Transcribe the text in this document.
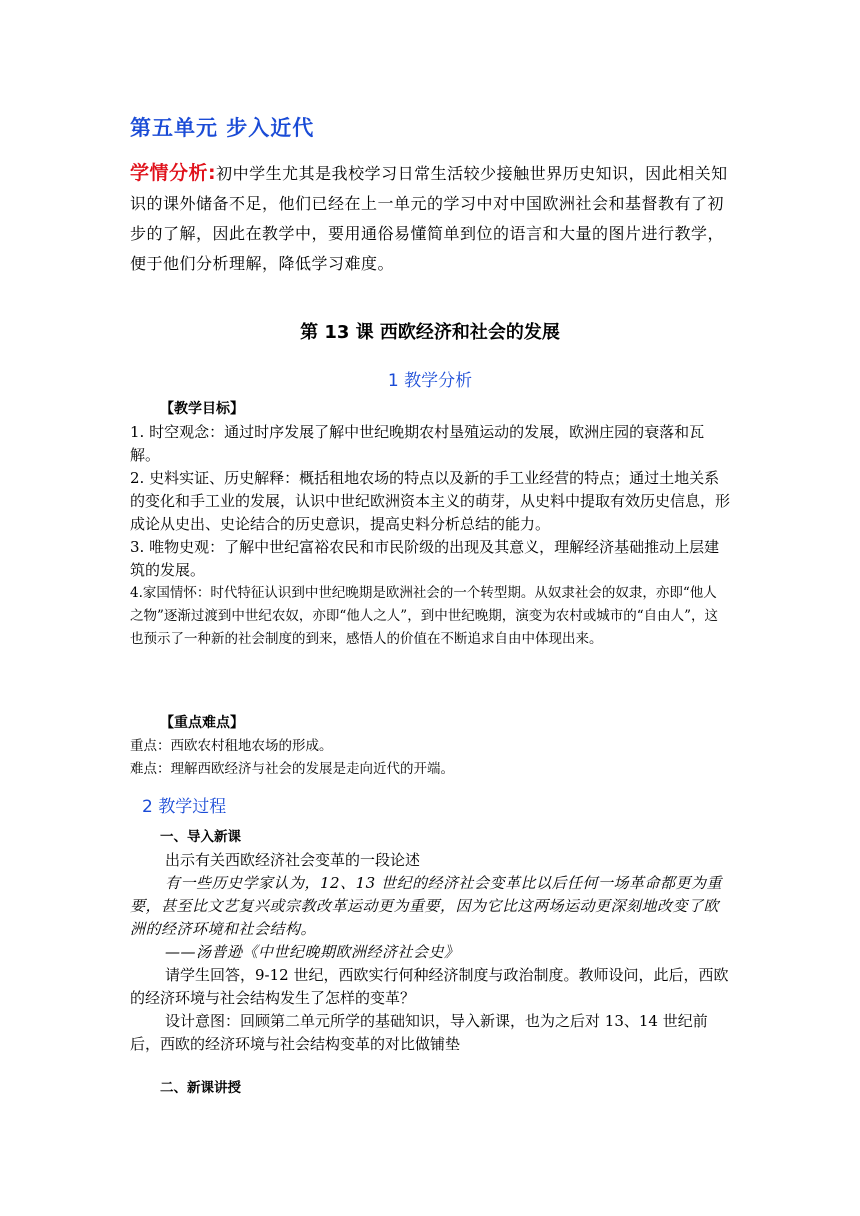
第五单元 步入近代
学情分析:初中学生尤其是我校学习日常生活较少接触世界历史知识，因此相关知识的课外储备不足，他们已经在上一单元的学习中对中国欧洲社会和基督教有了初步的了解，因此在教学中，要用通俗易懂简单到位的语言和大量的图片进行教学，便于他们分析理解，降低学习难度。
第 13 课 西欧经济和社会的发展
1 教学分析

【教学目标】

1. 时空观念：通过时序发展了解中世纪晚期农村垦殖运动的发展，欧洲庄园的衰落和瓦解。

2. 史料实证、历史解释：概括租地农场的特点以及新的手工业经营的特点；通过土地关系的变化和手工业的发展，认识中世纪欧洲资本主义的萌芽，从史料中提取有效历史信息，形成论从史出、史论结合的历史意识，提高史料分析总结的能力。

3. 唯物史观：了解中世纪富裕农民和市民阶级的出现及其意义，理解经济基础推动上层建筑的发展。

4.家国情怀：时代特征认识到中世纪晚期是欧洲社会的一个转型期。从奴隶社会的奴隶，亦即“他人之物”逐渐过渡到中世纪农奴，亦即“他人之人”，到中世纪晚期，演变为农村或城市的“自由人”，这也预示了一种新的社会制度的到来，感悟人的价值在不断追求自由中体现出来。

【重点难点】

重点：西欧农村租地农场的形成。

难点：理解西欧经济与社会的发展是走向近代的开端。

2 教学过程

一、导入新课

出示有关西欧经济社会变革的一段论述

有一些历史学家认为，12、13 世纪的经济社会变革比以后任何一场革命都更为重要，甚至比文艺复兴或宗教改革运动更为重要，因为它比这两场运动更深刻地改变了欧洲的经济环境和社会结构。

——汤普逊《中世纪晚期欧洲经济社会史》

请学生回答，9-12 世纪，西欧实行何种经济制度与政治制度。教师设问，此后，西欧的经济环境与社会结构发生了怎样的变革？

设计意图：回顾第二单元所学的基础知识，导入新课，也为之后对 13、14 世纪前后，西欧的经济环境与社会结构变革的对比做铺垫

二、新课讲授
